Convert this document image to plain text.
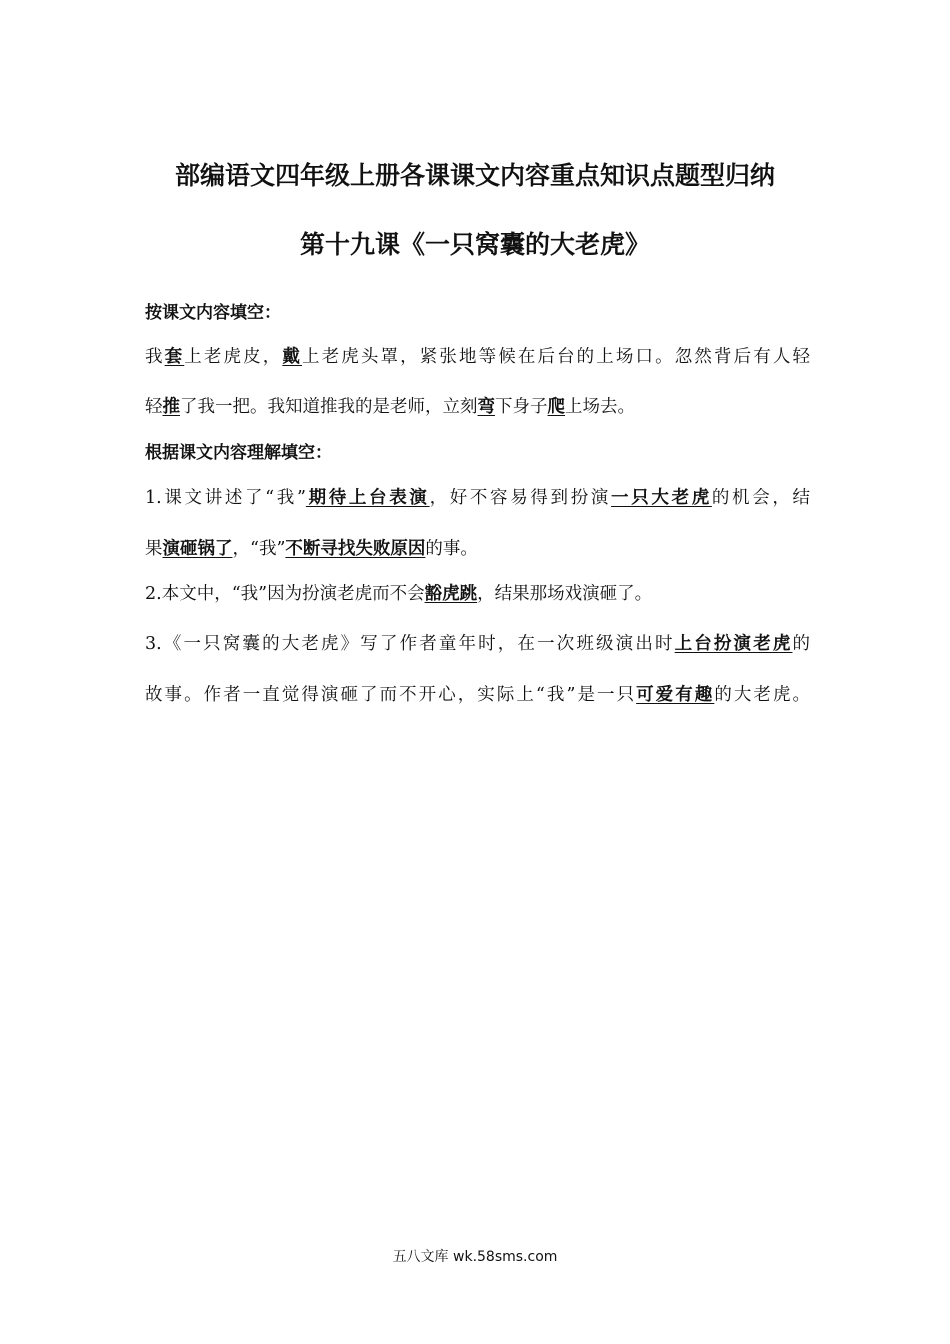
部编语文四年级上册各课课文内容重点知识点题型归纳
第十九课《一只窝囊的大老虎》
按课文内容填空：
我套上老虎皮，戴上老虎头罩，紧张地等候在后台的上场口。忽然背后有人轻
轻推了我一把。我知道推我的是老师，立刻弯下身子爬上场去。
根据课文内容理解填空：
1.课文讲述了“我”期待上台表演，好不容易得到扮演一只大老虎的机会，结
果演砸锅了，“我”不断寻找失败原因的事。
2.本文中，“我”因为扮演老虎而不会豁虎跳，结果那场戏演砸了。
3.《一只窝囊的大老虎》写了作者童年时，在一次班级演出时上台扮演老虎的
故事。作者一直觉得演砸了而不开心，实际上“我”是一只可爱有趣的大老虎。
五八文库 wk.58sms.com
